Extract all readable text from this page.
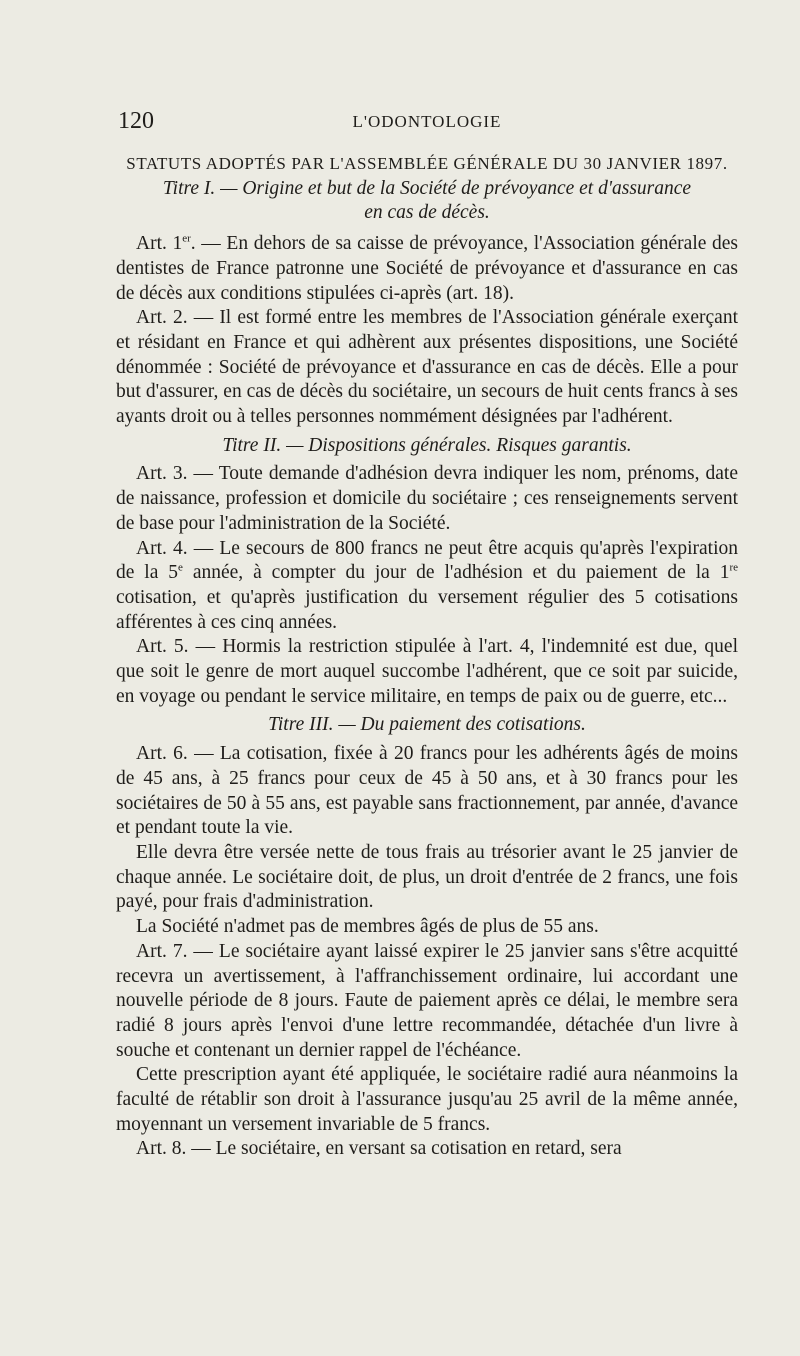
120	L'ODONTOLOGIE

STATUTS ADOPTÉS PAR L'ASSEMBLÉE GÉNÉRALE DU 30 JANVIER 1897.

Titre I. — Origine et but de la Société de prévoyance et d'assurance

en cas de décès.

Art. 1er. — En dehors de sa caisse de prévoyance, l'Association générale des dentistes de France patronne une Société de prévoyance et d'assurance en cas de décès aux conditions stipulées ci-après (art. 18).

Art. 2. — Il est formé entre les membres de l'Association générale exerçant et résidant en France et qui adhèrent aux présentes dispositions, une Société dénommée : Société de prévoyance et d'assurance en cas de décès. Elle a pour but d'assurer, en cas de décès du sociétaire, un secours de huit cents francs à ses ayants droit ou à telles personnes nommément désignées par l'adhérent.

Titre II. — Dispositions générales. Risques garantis.

Art. 3. — Toute demande d'adhésion devra indiquer les nom, prénoms, date de naissance, profession et domicile du sociétaire ; ces renseignements servent de base pour l'administration de la Société.

Art. 4. — Le secours de 800 francs ne peut être acquis qu'après l'expiration de la 5e année, à compter du jour de l'adhésion et du paiement de la 1re cotisation, et qu'après justification du versement régulier des 5 cotisations afférentes à ces cinq années.

Art. 5. — Hormis la restriction stipulée à l'art. 4, l'indemnité est due, quel que soit le genre de mort auquel succombe l'adhérent, que ce soit par suicide, en voyage ou pendant le service militaire, en temps de paix ou de guerre, etc...

Titre III. — Du paiement des cotisations.

Art. 6. — La cotisation, fixée à 20 francs pour les adhérents âgés de moins de 45 ans, à 25 francs pour ceux de 45 à 50 ans, et à 30 francs pour les sociétaires de 50 à 55 ans, est payable sans fractionnement, par année, d'avance et pendant toute la vie.

Elle devra être versée nette de tous frais au trésorier avant le 25 janvier de chaque année. Le sociétaire doit, de plus, un droit d'entrée de 2 francs, une fois payé, pour frais d'administration.

La Société n'admet pas de membres âgés de plus de 55 ans.

Art. 7. — Le sociétaire ayant laissé expirer le 25 janvier sans s'être acquitté recevra un avertissement, à l'affranchissement ordinaire, lui accordant une nouvelle période de 8 jours. Faute de paiement après ce délai, le membre sera radié 8 jours après l'envoi d'une lettre recommandée, détachée d'un livre à souche et contenant un dernier rappel de l'échéance.

Cette prescription ayant été appliquée, le sociétaire radié aura néanmoins la faculté de rétablir son droit à l'assurance jusqu'au 25 avril de la même année, moyennant un versement invariable de 5 francs.

Art. 8. — Le sociétaire, en versant sa cotisation en retard, sera
